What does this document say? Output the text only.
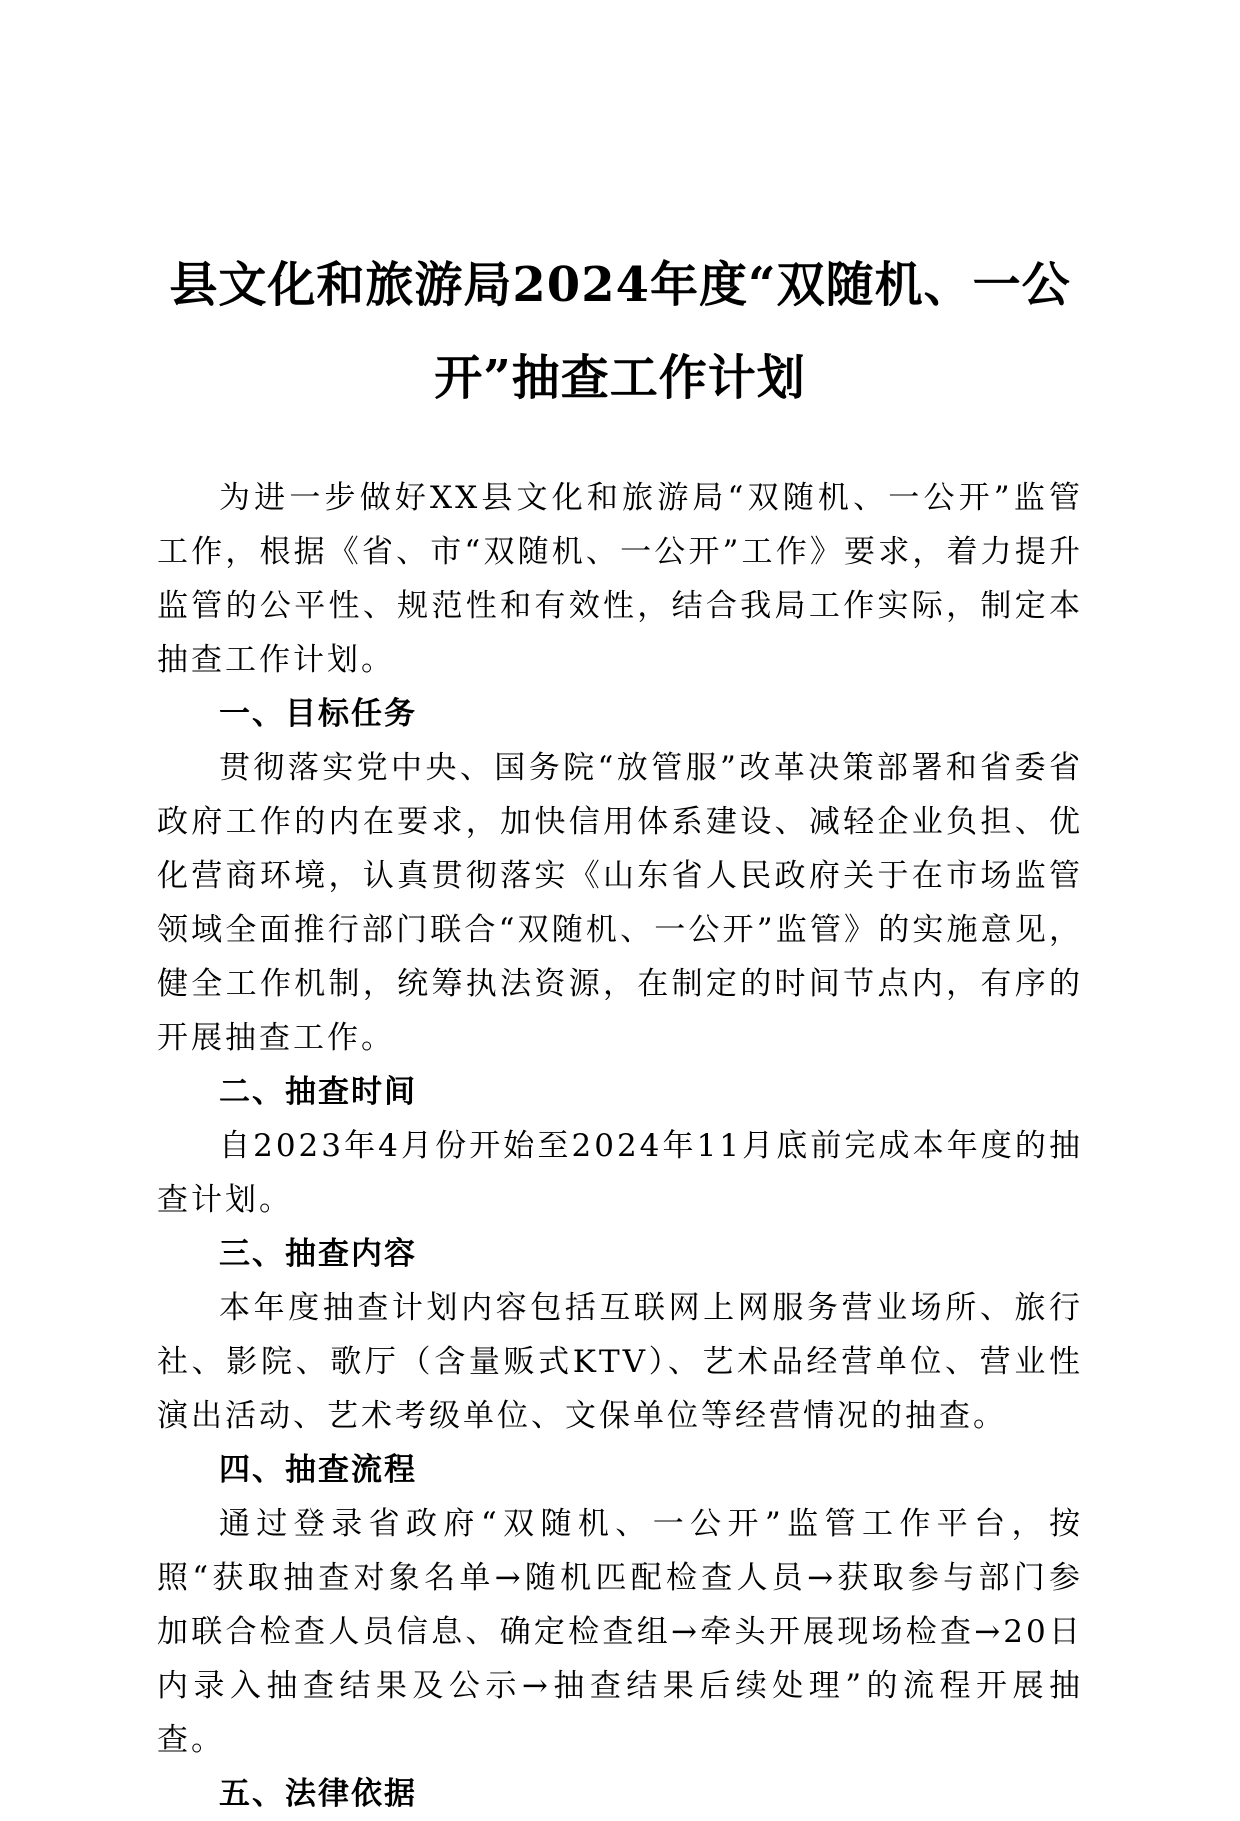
县文化和旅游局2024年度“双随机、一公
开”抽查工作计划

为进一步做好XX县文化和旅游局“双随机、一公开”监管工作，根据《省、市“双随机、一公开”工作》要求，着力提升监管的公平性、规范性和有效性，结合我局工作实际，制定本抽查工作计划。

一、目标任务

贯彻落实党中央、国务院“放管服”改革决策部署和省委省政府工作的内在要求，加快信用体系建设、减轻企业负担、优化营商环境，认真贯彻落实《山东省人民政府关于在市场监管领域全面推行部门联合“双随机、一公开”监管》的实施意见，健全工作机制，统筹执法资源，在制定的时间节点内，有序的开展抽查工作。

二、抽查时间

自2023年4月份开始至2024年11月底前完成本年度的抽查计划。

三、抽查内容

本年度抽查计划内容包括互联网上网服务营业场所、旅行社、影院、歌厅（含量贩式KTV）、艺术品经营单位、营业性演出活动、艺术考级单位、文保单位等经营情况的抽查。

四、抽查流程

通过登录省政府“双随机、一公开”监管工作平台，按照“获取抽查对象名单→随机匹配检查人员→获取参与部门参加联合检查人员信息、确定检查组→牵头开展现场检查→20日内录入抽查结果及公示→抽查结果后续处理”的流程开展抽查。

五、法律依据
